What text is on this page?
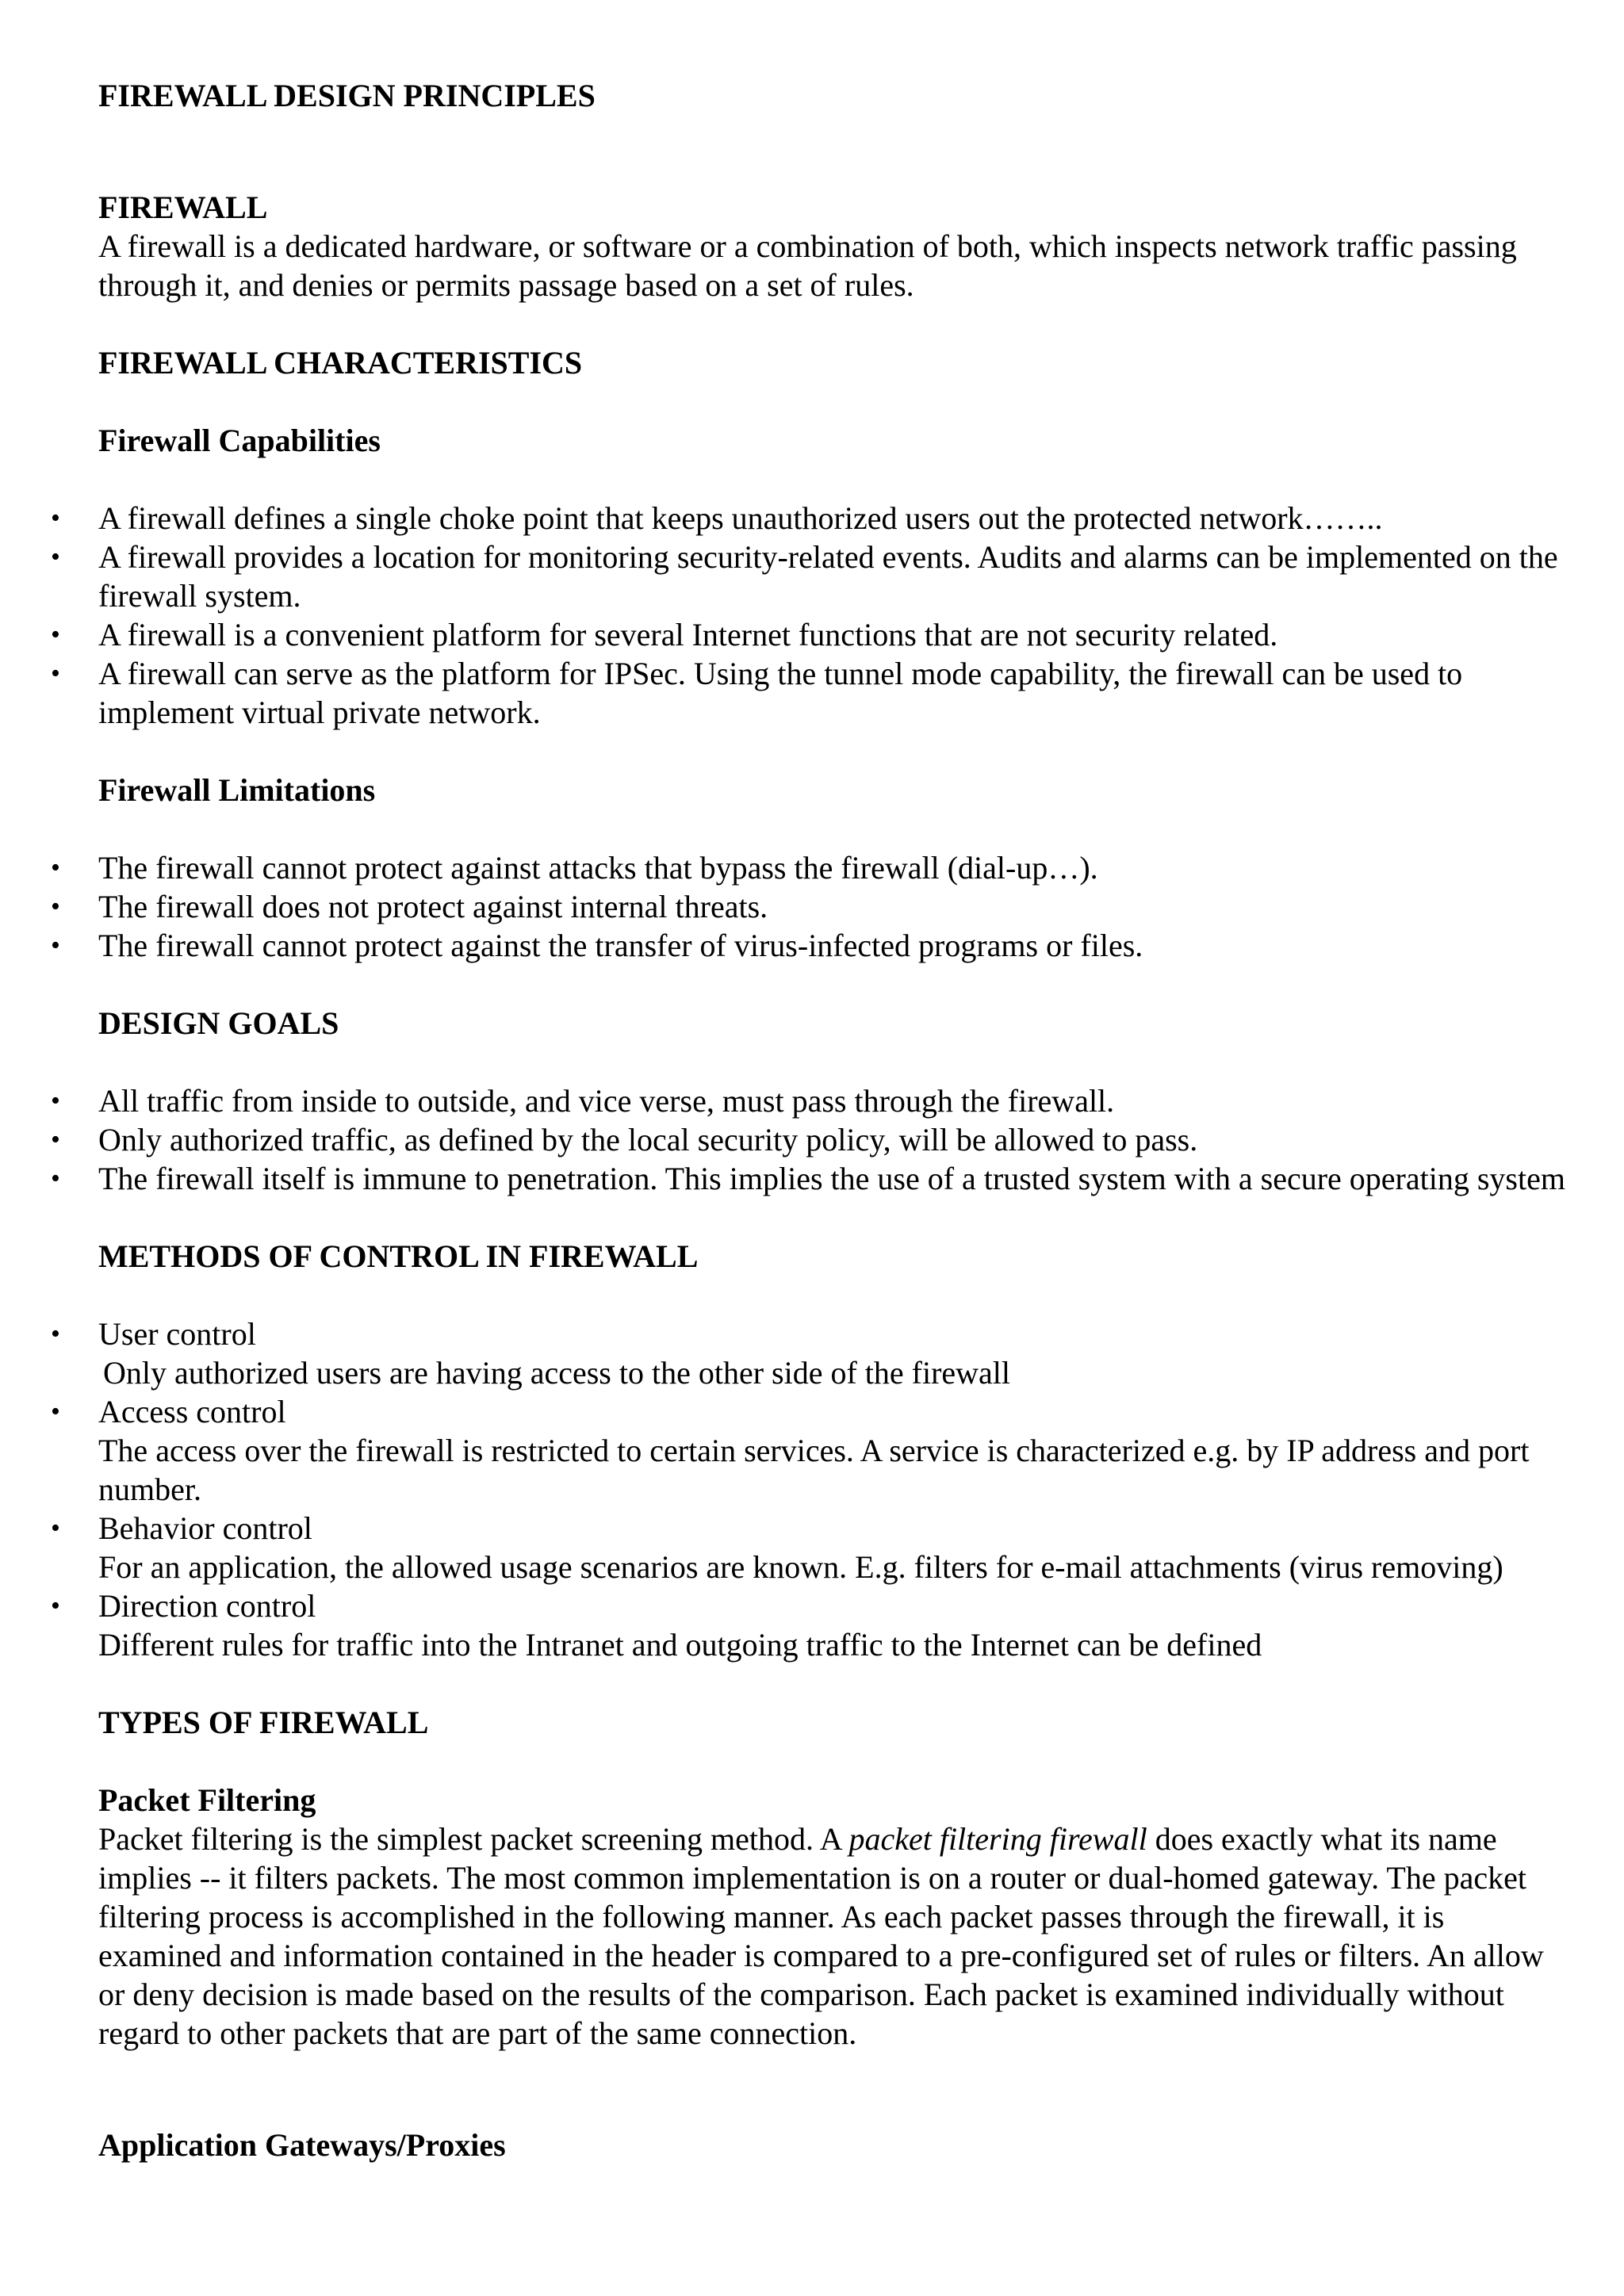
FIREWALL DESIGN PRINCIPLES

FIREWALL

A firewall is a dedicated hardware, or software or a combination of both, which inspects network traffic passing through it, and denies or permits passage based on a set of rules.

FIREWALL CHARACTERISTICS

Firewall Capabilities

• A firewall defines a single choke point that keeps unauthorized users out the protected network……..
• A firewall provides a location for monitoring security-related events. Audits and alarms can be implemented on the firewall system.
• A firewall is a convenient platform for several Internet functions that are not security related.
• A firewall can serve as the platform for IPSec. Using the tunnel mode capability, the firewall can be used to implement virtual private network.

Firewall Limitations

• The firewall cannot protect against attacks that bypass the firewall (dial-up…).
• The firewall does not protect against internal threats.
• The firewall cannot protect against the transfer of virus-infected programs or files.

DESIGN GOALS

• All traffic from inside to outside, and vice verse, must pass through the firewall.
• Only authorized traffic, as defined by the local security policy, will be allowed to pass.
• The firewall itself is immune to penetration. This implies the use of a trusted system with a secure operating system

METHODS OF CONTROL IN FIREWALL

• User control
Only authorized users are having access to the other side of the firewall
• Access control
The access over the firewall is restricted to certain services. A service is characterized e.g. by IP address and port number.
• Behavior control
For an application, the allowed usage scenarios are known. E.g. filters for e-mail attachments (virus removing)
• Direction control
Different rules for traffic into the Intranet and outgoing traffic to the Internet can be defined

TYPES OF FIREWALL

Packet Filtering

Packet filtering is the simplest packet screening method. A packet filtering firewall does exactly what its name implies -- it filters packets. The most common implementation is on a router or dual-homed gateway. The packet filtering process is accomplished in the following manner. As each packet passes through the firewall, it is examined and information contained in the header is compared to a pre-configured set of rules or filters. An allow or deny decision is made based on the results of the comparison. Each packet is examined individually without regard to other packets that are part of the same connection.

Application Gateways/Proxies
